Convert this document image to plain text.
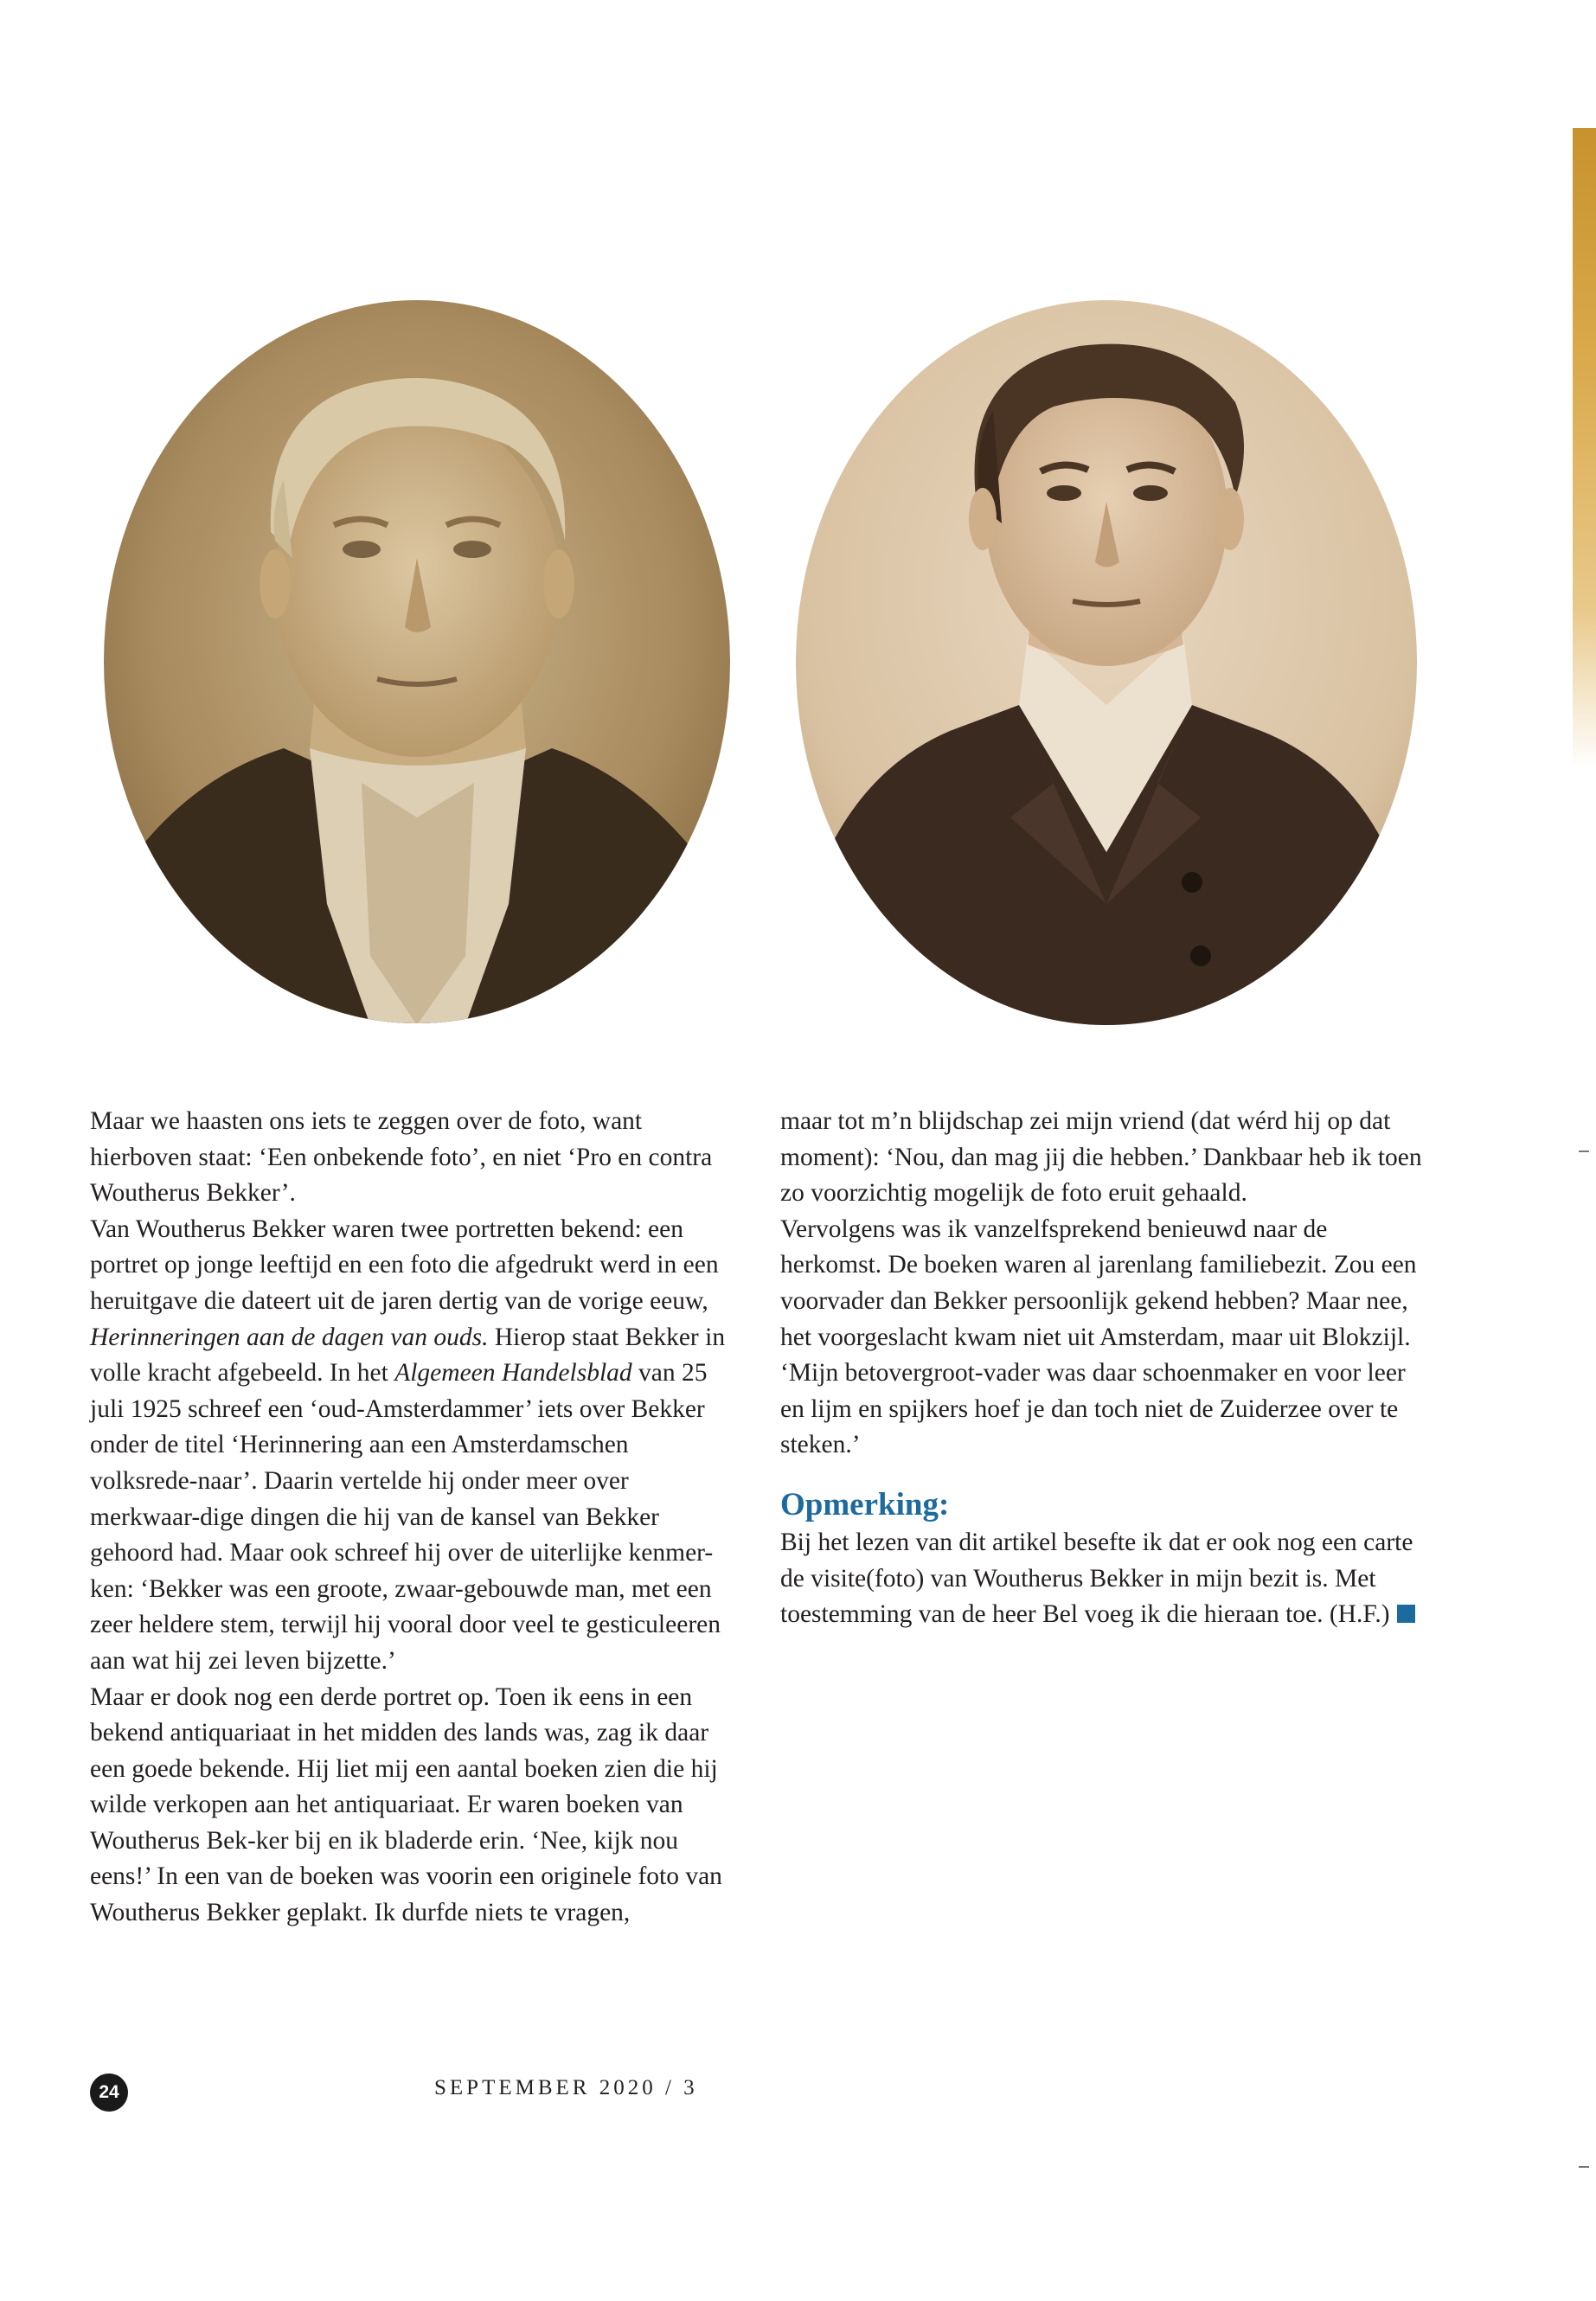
Maar we haasten ons iets te zeggen over de foto, want hierboven staat: ‘Een onbekende foto’, en niet ‘Pro en contra Woutherus Bekker’.

Van Woutherus Bekker waren twee portretten bekend: een portret op jonge leeftijd en een foto die afgedrukt werd in een heruitgave die dateert uit de jaren dertig van de vorige eeuw, Herinneringen aan de dagen van ouds. Hierop staat Bekker in volle kracht afgebeeld. In het Algemeen Handelsblad van 25 juli 1925 schreef een ‘oud-Amsterdammer’ iets over Bekker onder de titel ‘Herinnering aan een Amsterdamschen volksrede-naar’. Daarin vertelde hij onder meer over merkwaar-dige dingen die hij van de kansel van Bekker gehoord had. Maar ook schreef hij over de uiterlijke kenmer-ken: ‘Bekker was een groote, zwaar-gebouwde man, met een zeer heldere stem, terwijl hij vooral door veel te gesticuleeren aan wat hij zei leven bijzette.’

Maar er dook nog een derde portret op. Toen ik eens in een bekend antiquariaat in het midden des lands was, zag ik daar een goede bekende. Hij liet mij een aantal boeken zien die hij wilde verkopen aan het antiquariaat. Er waren boeken van Woutherus Bek-ker bij en ik bladerde erin. ‘Nee, kijk nou eens!’ In een van de boeken was voorin een originele foto van Woutherus Bekker geplakt. Ik durfde niets te vragen,

maar tot m’n blijdschap zei mijn vriend (dat wérd hij op dat moment): ‘Nou, dan mag jij die hebben.’ Dankbaar heb ik toen zo voorzichtig mogelijk de foto eruit gehaald.

Vervolgens was ik vanzelfsprekend benieuwd naar de herkomst. De boeken waren al jarenlang familiebezit. Zou een voorvader dan Bekker persoonlijk gekend hebben? Maar nee, het voorgeslacht kwam niet uit Amsterdam, maar uit Blokzijl. ‘Mijn betovergroot-vader was daar schoenmaker en voor leer en lijm en spijkers hoef je dan toch niet de Zuiderzee over te steken.’

Opmerking:

Bij het lezen van dit artikel besefte ik dat er ook nog een carte de visite(foto) van Woutherus Bekker in mijn bezit is. Met toestemming van de heer Bel voeg ik die hieraan toe. (H.F.)

24	SEPTEMBER 2020 / 3
